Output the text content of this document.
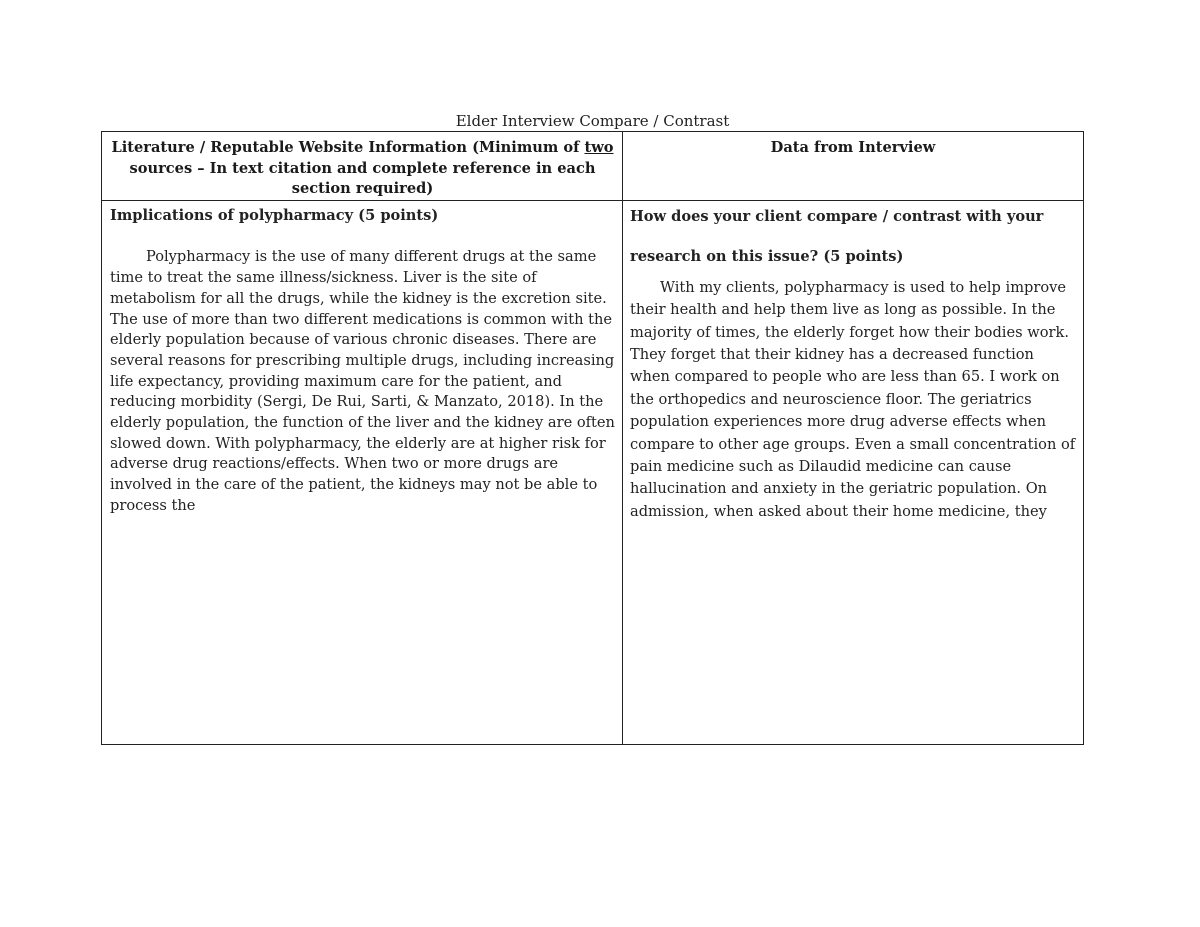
Elder Interview Compare / Contrast
Literature / Reputable Website Information (Minimum of two sources – In text citation and complete reference in each section required)
Data from Interview

Implications of polypharmacy (5 points)

Polypharmacy is the use of many different drugs at the same time to treat the same illness/sickness. Liver is the site of metabolism for all the drugs, while the kidney is the excretion site. The use of more than two different medications is common with the elderly population because of various chronic diseases. There are several reasons for prescribing multiple drugs, including increasing life expectancy, providing maximum care for the patient, and reducing morbidity (Sergi, De Rui, Sarti, & Manzato, 2018). In the elderly population, the function of the liver and the kidney are often slowed down. With polypharmacy, the elderly are at higher risk for adverse drug reactions/effects. When two or more drugs are involved in the care of the patient, the kidneys may not be able to process the

How does your client compare / contrast with your

research on this issue? (5 points)

With my clients, polypharmacy is used to help improve their health and help them live as long as possible. In the majority of times, the elderly forget how their bodies work. They forget that their kidney has a decreased function when compared to people who are less than 65. I work on the orthopedics and neuroscience floor. The geriatrics population experiences more drug adverse effects when compare to other age groups. Even a small concentration of pain medicine such as Dilaudid medicine can cause hallucination and anxiety in the geriatric population. On admission, when asked about their home medicine, they
